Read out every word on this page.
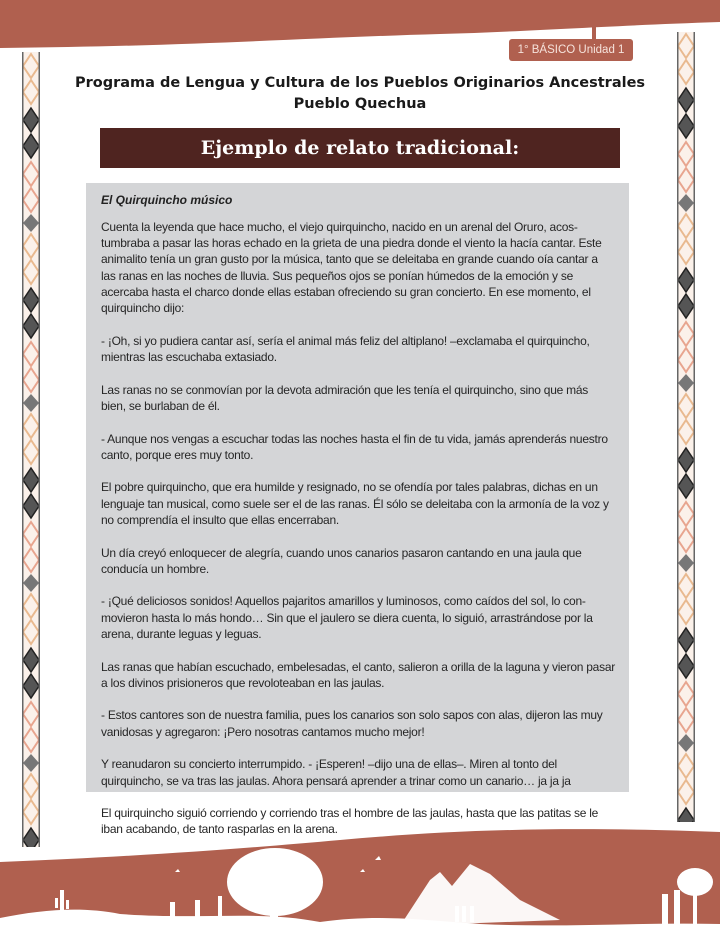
1° BÁSICO Unidad 1
Programa de Lengua y Cultura de los Pueblos Originarios Ancestrales
Pueblo Quechua
Ejemplo de relato tradicional:
El Quirquincho músico

Cuenta la leyenda que hace mucho, el viejo quirquincho, nacido en un arenal del Oruro, acos-tumbraba a pasar las horas echado en la grieta de una piedra donde el viento la hacía cantar. Este animalito tenía un gran gusto por la música, tanto que se deleitaba en grande cuando oía cantar a las ranas en las noches de lluvia. Sus pequeños ojos se ponían húmedos de la emoción y se acercaba hasta el charco donde ellas estaban ofreciendo su gran concierto. En ese momento, el quirquincho dijo:

- ¡Oh, si yo pudiera cantar así, sería el animal más feliz del altiplano! –exclamaba el quirquincho, mientras las escuchaba extasiado.

Las ranas no se conmovían por la devota admiración que les tenía el quirquincho, sino que más bien, se burlaban de él.

- Aunque nos vengas a escuchar todas las noches hasta el fin de tu vida, jamás aprenderás nuestro canto, porque eres muy tonto.

El pobre quirquincho, que era humilde y resignado, no se ofendía por tales palabras, dichas en un lenguaje tan musical, como suele ser el de las ranas. Él sólo se deleitaba con la armonía de la voz y no comprendía el insulto que ellas encerraban.

Un día creyó enloquecer de alegría, cuando unos canarios pasaron cantando en una jaula que conducía un hombre.

- ¡Qué deliciosos sonidos! Aquellos pajaritos amarillos y luminosos, como caídos del sol, lo con-movieron hasta lo más hondo… Sin que el jaulero se diera cuenta, lo siguió, arrastrándose por la arena, durante leguas y leguas.

Las ranas que habían escuchado, embelesadas, el canto, salieron a orilla de la laguna y vieron pasar a los divinos prisioneros que revoloteaban en las jaulas.

- Estos cantores son de nuestra familia, pues los canarios son solo sapos con alas, dijeron las muy vanidosas y agregaron: ¡Pero nosotras cantamos mucho mejor!

Y reanudaron su concierto interrumpido. - ¡Esperen! –dijo una de ellas–. Miren al tonto del quirquincho, se va tras las jaulas. Ahora pensará aprender a trinar como un canario… ja ja ja

El quirquincho siguió corriendo y corriendo tras el hombre de las jaulas, hasta que las patitas se le iban acabando, de tanto rasparlas en la arena.
